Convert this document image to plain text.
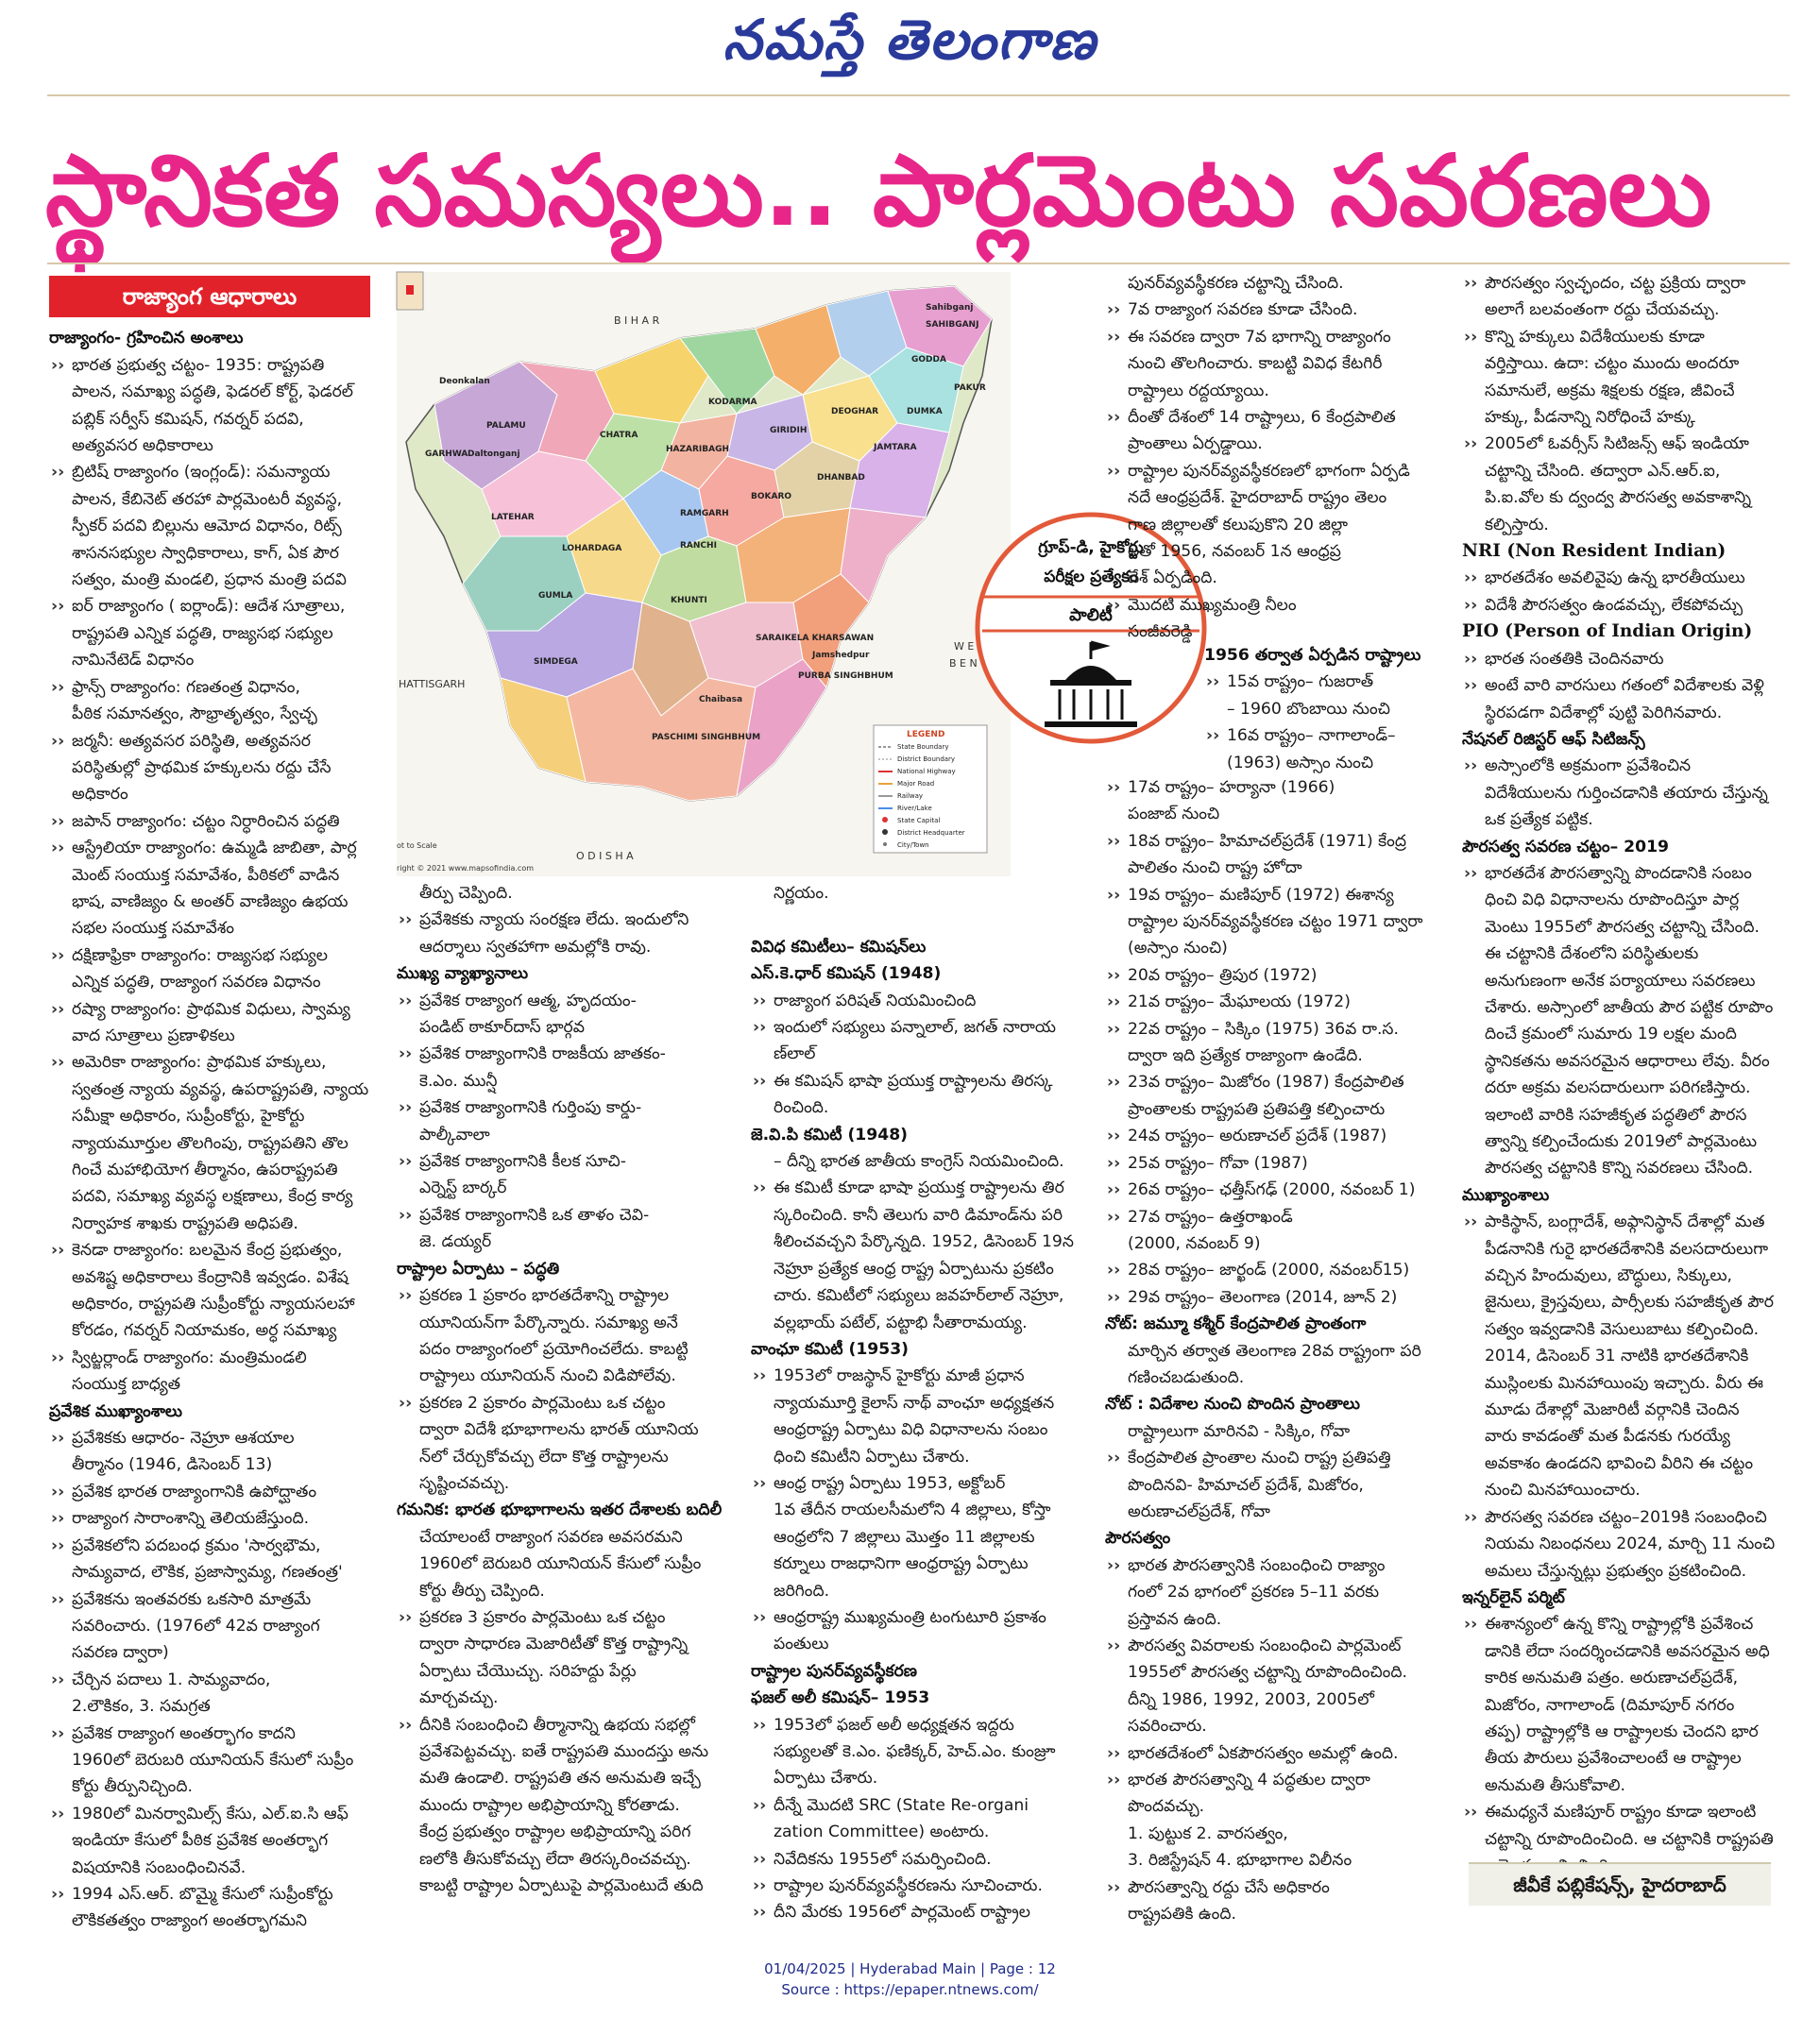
నమస్తే తెలంగాణ
స్థానికత సమస్యలు.. పార్లమెంటు సవరణలు
రాజ్యాంగ ఆధారాలు

రాజ్యాంగం- గ్రహించిన అంశాలు

›› భారత ప్రభుత్వ చట్టం- 1935: రాష్ట్రపతి

పాలన, సమాఖ్య పద్ధతి, ఫెడరల్ కోర్ట్, ఫెడరల్

పబ్లిక్ సర్వీస్ కమిషన్, గవర్నర్ పదవి,

అత్యవసర అధికారాలు

›› బ్రిటిష్ రాజ్యాంగం (ఇంగ్లండ్): సమన్యాయ

పాలన, కేబినెట్ తరహా పార్లమెంటరీ వ్యవస్థ,

స్పీకర్ పదవి బిల్లును ఆమోద విధానం, రిట్స్

శాసనసభ్యుల స్వాధికారాలు, కాగ్, ఏక పౌర

సత్వం, మంత్రి మండలి, ప్రధాన మంత్రి పదవి

›› ఐర్ రాజ్యాంగం ( ఐర్లాండ్): ఆదేశ సూత్రాలు,

రాష్ట్రపతి ఎన్నిక పద్ధతి, రాజ్యసభ సభ్యుల

నామినేటెడ్ విధానం

›› ఫ్రాన్స్ రాజ్యాంగం: గణతంత్ర విధానం,

పీఠిక సమానత్వం, సౌభ్రాతృత్వం, స్వేచ్ఛ

›› జర్మనీ: అత్యవసర పరిస్థితి, అత్యవసర

పరిస్థితుల్లో ప్రాథమిక హక్కులను రద్దు చేసే

అధికారం

›› జపాన్ రాజ్యాంగం: చట్టం నిర్ధారించిన పద్ధతి

›› ఆస్ట్రేలియా రాజ్యాంగం: ఉమ్మడి జాబితా, పార్ల

మెంట్ సంయుక్త సమావేశం, పీఠికలో వాడిన

భాష, వాణిజ్యం & అంతర్ వాణిజ్యం ఉభయ

సభల సంయుక్త సమావేశం

›› దక్షిణాఫ్రికా రాజ్యాంగం: రాజ్యసభ సభ్యుల

ఎన్నిక పద్ధతి, రాజ్యాంగ సవరణ విధానం

›› రష్యా రాజ్యాంగం: ప్రాథమిక విధులు, స్వామ్య

వాద సూత్రాలు ప్రణాళికలు

›› అమెరికా రాజ్యాంగం: ప్రాథమిక హక్కులు,

స్వతంత్ర న్యాయ వ్యవస్థ, ఉపరాష్ట్రపతి, న్యాయ

సమీక్షా అధికారం, సుప్రీంకోర్టు, హైకోర్టు

న్యాయమూర్తుల తొలగింపు, రాష్ట్రపతిని తొల

గించే మహాభియోగ తీర్మానం, ఉపరాష్ట్రపతి

పదవి, సమాఖ్య వ్యవస్థ లక్షణాలు, కేంద్ర కార్య

నిర్వాహక శాఖకు రాష్ట్రపతి అధిపతి.

›› కెనడా రాజ్యాంగం: బలమైన కేంద్ర ప్రభుత్వం,

అవశిష్ట అధికారాలు కేంద్రానికి ఇవ్వడం. విశేష

అధికారం, రాష్ట్రపతి సుప్రీంకోర్టు న్యాయసలహా

కోరడం, గవర్నర్ నియామకం, అర్ధ సమాఖ్య

›› స్విట్జర్లాండ్ రాజ్యాంగం: మంత్రిమండలి

సంయుక్త బాధ్యత

ప్రవేశిక ముఖ్యాంశాలు

›› ప్రవేశికకు ఆధారం- నెహ్రూ ఆశయాల

తీర్మానం (1946, డిసెంబర్ 13)

›› ప్రవేశిక భారత రాజ్యాంగానికి ఉపోద్ఘాతం

›› రాజ్యాంగ సారాంశాన్ని తెలియజేస్తుంది.

›› ప్రవేశికలోని పదబంధ క్రమం 'సార్వభౌమ,

సామ్యవాద, లౌకిక, ప్రజాస్వామ్య, గణతంత్ర'

›› ప్రవేశికను ఇంతవరకు ఒకసారి మాత్రమే

సవరించారు. (1976లో 42వ రాజ్యాంగ

సవరణ ద్వారా)

›› చేర్చిన పదాలు 1. సామ్యవాదం,

2.లౌకికం, 3. సమగ్రత

›› ప్రవేశిక రాజ్యాంగ అంతర్భాగం కాదని

1960లో బెరుబరి యూనియన్ కేసులో సుప్రీం

కోర్టు తీర్పునిచ్చింది.

›› 1980లో మినర్వామిల్స్ కేసు, ఎల్.ఐ.సి ఆఫ్

ఇండియా కేసులో పీఠిక ప్రవేశిక అంతర్భాగ

విషయానికి సంబంధించినవే.

›› 1994 ఎస్.ఆర్. బొమ్మై కేసులో సుప్రీంకోర్టు

లౌకికతత్వం రాజ్యాంగ అంతర్భాగమని

B I H A R
W E
B E N
HATTISGARH
O D I S H A
Sahibganj
SAHIBGANJ
GODDA
PAKUR
DUMKA
DEOGHAR
JAMTARA
KODARMA
GIRIDIH
PALAMU
GARHWA
CHATRA
HAZARIBAGH
DHANBAD
BOKARO
LATEHAR	RAMGARH
RANCHI
LOHARDAGA
GUMLA	KHUNTI
SIMDEGA
SARAIKELA KHARSAWAN
PURBA SINGHBHUM
PASCHIMI SINGHBHUM
Jamshedpur
Chaibasa
Daltonganj
Deonkalan
LEGEND
State Boundary
District Boundary
National Highway
Major Road
Railway
River/Lake
State Capital
District Headquarter
City/Town
ot to Scale
right © 2021 www.mapsofindia.com

తీర్పు చెప్పింది.

›› ప్రవేశికకు న్యాయ సంరక్షణ లేదు. ఇందులోని

ఆదర్శాలు స్వతహాగా అమల్లోకి రావు.

ముఖ్య వ్యాఖ్యానాలు

›› ప్రవేశిక రాజ్యాంగ ఆత్మ, హృదయం-

పండిట్ ఠాకూర్‌దాస్ భార్గవ

›› ప్రవేశిక రాజ్యాంగానికి రాజకీయ జాతకం-

కె.ఎం. మున్షీ

›› ప్రవేశిక రాజ్యాంగానికి గుర్తింపు కార్డు-

పాల్కీవాలా

›› ప్రవేశిక రాజ్యాంగానికి కీలక సూచి-

ఎర్నెస్ట్ బార్కర్

›› ప్రవేశిక రాజ్యాంగానికి ఒక తాళం చెవి-

జె. డయ్యర్

రాష్ట్రాల ఏర్పాటు – పద్ధతి

›› ప్రకరణ 1 ప్రకారం భారతదేశాన్ని రాష్ట్రాల

యూనియన్‌గా పేర్కొన్నారు. సమాఖ్య అనే

పదం రాజ్యాంగంలో ప్రయోగించలేదు. కాబట్టి

రాష్ట్రాలు యూనియన్ నుంచి విడిపోలేవు.

›› ప్రకరణ 2 ప్రకారం పార్లమెంటు ఒక చట్టం

ద్వారా విదేశీ భూభాగాలను భారత్ యూనియ

న్‌లో చేర్చుకోవచ్చు లేదా కొత్త రాష్ట్రాలను

సృష్టించవచ్చు.

గమనిక: భారత భూభాగాలను ఇతర దేశాలకు బదిలీ

చేయాలంటే రాజ్యాంగ సవరణ అవసరమని

1960లో బెరుబరి యూనియన్ కేసులో సుప్రీం

కోర్టు తీర్పు చెప్పింది.

›› ప్రకరణ 3 ప్రకారం పార్లమెంటు ఒక చట్టం

ద్వారా సాధారణ మెజారిటీతో కొత్త రాష్ట్రాన్ని

ఏర్పాటు చేయొచ్చు. సరిహద్దు పేర్లు

మార్చవచ్చు.

›› దీనికి సంబంధించి తీర్మానాన్ని ఉభయ సభల్లో

ప్రవేశపెట్టవచ్చు. ఐతే రాష్ట్రపతి ముందస్తు అను

మతి ఉండాలి. రాష్ట్రపతి తన అనుమతి ఇచ్చే

ముందు రాష్ట్రాల అభిప్రాయాన్ని కోరతాడు.

కేంద్ర ప్రభుత్వం రాష్ట్రాల అభిప్రాయాన్ని పరిగ

ణలోకి తీసుకోవచ్చు లేదా తిరస్కరించవచ్చు.

కాబట్టి రాష్ట్రాల ఏర్పాటుపై పార్లమెంటుదే తుది

నిర్ణయం.

వివిధ కమిటీలు– కమిషన్‌లు

ఎస్.కె.ధార్ కమిషన్ (1948)

›› రాజ్యాంగ పరిషత్ నియమించింది

›› ఇందులో సభ్యులు పన్నాలాల్, జగత్ నారాయ

ణ్‌లాల్

›› ఈ కమిషన్ భాషా ప్రయుక్త రాష్ట్రాలను తిరస్క

రించింది.

జె.వి.పి కమిటీ (1948)

– దీన్ని భారత జాతీయ కాంగ్రెస్ నియమించింది.

›› ఈ కమిటీ కూడా భాషా ప్రయుక్త రాష్ట్రాలను తిర

స్కరించింది. కానీ తెలుగు వారి డిమాండ్‌ను పరి

శీలించవచ్చని పేర్కొన్నది. 1952, డిసెంబర్ 19న

నెహ్రూ ప్రత్యేక ఆంధ్ర రాష్ట్ర ఏర్పాటును ప్రకటిం

చారు. కమిటీలో సభ్యులు జవహర్‌లాల్ నెహ్రూ,

వల్లభాయ్ పటేల్, పట్టాభి సీతారామయ్య.

వాంఛూ కమిటీ (1953)

›› 1953లో రాజస్థాన్ హైకోర్టు మాజీ ప్రధాన

న్యాయమూర్తి కైలాస్ నాథ్ వాంఛూ అధ్యక్షతన

ఆంధ్రరాష్ట్ర ఏర్పాటు విధి విధానాలను సంబం

ధించి కమిటీని ఏర్పాటు చేశారు.

›› ఆంధ్ర రాష్ట్ర ఏర్పాటు 1953, అక్టోబర్

1వ తేదీన రాయలసీమలోని 4 జిల్లాలు, కోస్తా

ఆంధ్రలోని 7 జిల్లాలు మొత్తం 11 జిల్లాలకు

కర్నూలు రాజధానిగా ఆంధ్రరాష్ట్ర ఏర్పాటు

జరిగింది.

›› ఆంధ్రరాష్ట్ర ముఖ్యమంత్రి టంగుటూరి ప్రకాశం

పంతులు

రాష్ట్రాల పునర్‌వ్యవస్థీకరణ

ఫజల్ అలీ కమిషన్– 1953

›› 1953లో ఫజల్ అలీ అధ్యక్షతన ఇద్దరు

సభ్యులతో కె.ఎం. ఫణిక్కర్, హెచ్.ఎం. కుంజ్రూ

ఏర్పాటు చేశారు.

›› దీన్నే మొదటి SRC (State Re-organi

zation Committee) అంటారు.

›› నివేదికను 1955లో సమర్పించింది.

›› రాష్ట్రాల పునర్‌వ్యవస్థీకరణను సూచించారు.

›› దీని మేరకు 1956లో పార్లమెంట్ రాష్ట్రాల

గ్రూప్-డి, హైకోర్టు
పరీక్షల ప్రత్యేకం
పాలిటీ

పునర్‌వ్యవస్థీకరణ చట్టాన్ని చేసింది.

›› 7వ రాజ్యాంగ సవరణ కూడా చేసింది.

›› ఈ సవరణ ద్వారా 7వ భాగాన్ని రాజ్యాంగం

నుంచి తొలగించారు. కాబట్టి వివిధ కేటగిరీ

రాష్ట్రాలు రద్దయ్యాయి.

›› దీంతో దేశంలో 14 రాష్ట్రాలు, 6 కేంద్రపాలిత

ప్రాంతాలు ఏర్పడ్డాయి.

›› రాష్ట్రాల పునర్‌వ్యవస్థీకరణలో భాగంగా ఏర్పడి

నదే ఆంధ్రప్రదేశ్. హైదరాబాద్ రాష్ట్రం తెలం

గాణ జిల్లాలతో కలుపుకొని 20 జిల్లా

లతో 1956, నవంబర్ 1న ఆంధ్రప్ర

దేశ్ ఏర్పడింది.

›› మొదటి ముఖ్యమంత్రి నీలం

సంజీవరెడ్డి

1956 తర్వాత ఏర్పడిన రాష్ట్రాలు

›› 15వ రాష్ట్రం– గుజరాత్

– 1960 బొంబాయి నుంచి

›› 16వ రాష్ట్రం– నాగాలాండ్–

(1963) అస్సాం నుంచి

›› 17వ రాష్ట్రం– హర్యానా (1966)

పంజాబ్ నుంచి

›› 18వ రాష్ట్రం– హిమాచల్‌ప్రదేశ్ (1971) కేంద్ర

పాలితం నుంచి రాష్ట్ర హోదా

›› 19వ రాష్ట్రం– మణిపూర్ (1972) ఈశాన్య

రాష్ట్రాల పునర్‌వ్యవస్థీకరణ చట్టం 1971 ద్వారా

(అస్సాం నుంచి)

›› 20వ రాష్ట్రం– త్రిపుర (1972)

›› 21వ రాష్ట్రం– మేఘాలయ (1972)

›› 22వ రాష్ట్రం – సిక్కిం (1975) 36వ రా.స.

ద్వారా ఇది ప్రత్యేక రాజ్యాంగా ఉండేది.

›› 23వ రాష్ట్రం– మిజోరం (1987) కేంద్రపాలిత

ప్రాంతాలకు రాష్ట్రపతి ప్రతిపత్తి కల్పించారు

›› 24వ రాష్ట్రం– అరుణాచల్ ప్రదేశ్ (1987)

›› 25వ రాష్ట్రం– గోవా (1987)

›› 26వ రాష్ట్రం– ఛత్తీస్‌గఢ్ (2000, నవంబర్ 1)

›› 27వ రాష్ట్రం– ఉత్తరాఖండ్

(2000, నవంబర్ 9)

›› 28వ రాష్ట్రం– జార్ఖండ్ (2000, నవంబర్15)

›› 29వ రాష్ట్రం– తెలంగాణ (2014, జూన్ 2)

నోట్: జమ్మూ కశ్మీర్ కేంద్రపాలిత ప్రాంతంగా

మార్చిన తర్వాత తెలంగాణ 28వ రాష్ట్రంగా పరి

గణించబడుతుంది.

నోట్ : విదేశాల నుంచి పొందిన ప్రాంతాలు

రాష్ట్రాలుగా మారినవి - సిక్కిం, గోవా

›› కేంద్రపాలిత ప్రాంతాల నుంచి రాష్ట్ర ప్రతిపత్తి

పొందినవి- హిమాచల్ ప్రదేశ్, మిజోరం,

అరుణాచల్‌ప్రదేశ్, గోవా

పౌరసత్వం

›› భారత పౌరసత్వానికి సంబంధించి రాజ్యాం

గంలో 2వ భాగంలో ప్రకరణ 5–11 వరకు

ప్రస్తావన ఉంది.

›› పౌరసత్వ వివరాలకు సంబంధించి పార్లమెంట్

1955లో పౌరసత్వ చట్టాన్ని రూపొందించింది.

దీన్ని 1986, 1992, 2003, 2005లో

సవరించారు.

›› భారతదేశంలో ఏకపౌరసత్వం అమల్లో ఉంది.

›› భారత పౌరసత్వాన్ని 4 పద్ధతుల ద్వారా

పొందవచ్చు.

1. పుట్టుక 2. వారసత్వం,

3. రిజిస్ట్రేషన్ 4. భూభాగాల విలీనం

›› పౌరసత్వాన్ని రద్దు చేసే అధికారం

రాష్ట్రపతికి ఉంది.

›› పౌరసత్వం స్వచ్ఛందం, చట్ట ప్రక్రియ ద్వారా

అలాగే బలవంతంగా రద్దు చేయవచ్చు.

›› కొన్ని హక్కులు విదేశీయులకు కూడా

వర్తిస్తాయి. ఉదా: చట్టం ముందు అందరూ

సమానులే, అక్రమ శిక్షలకు రక్షణ, జీవించే

హక్కు, పీడనాన్ని నిరోధించే హక్కు

›› 2005లో ఓవర్సీస్ సిటిజన్స్ ఆఫ్ ఇండియా

చట్టాన్ని చేసింది. తద్వారా ఎన్.ఆర్.ఐ,

పి.ఐ.వోల కు ద్వంద్వ పౌరసత్వ అవకాశాన్ని

కల్పిస్తారు.

NRI (Non Resident Indian)

›› భారతదేశం అవలివైపు ఉన్న భారతీయులు

›› విదేశీ పౌరసత్వం ఉండవచ్చు, లేకపోవచ్చు

PIO (Person of Indian Origin)

›› భారత సంతతికి చెందినవారు

›› అంటే వారి వారసులు గతంలో విదేశాలకు వెళ్లి

స్థిరపడగా విదేశాల్లో పుట్టి పెరిగినవారు.

నేషనల్ రిజిస్టర్ ఆఫ్ సిటిజన్స్

›› అస్సాంలోకి అక్రమంగా ప్రవేశించిన

విదేశీయులను గుర్తించడానికి తయారు చేస్తున్న

ఒక ప్రత్యేక పట్టిక.

పౌరసత్వ సవరణ చట్టం– 2019

›› భారతదేశ పౌరసత్వాన్ని పొందడానికి సంబం

ధించి విధి విధానాలను రూపొందిస్తూ పార్ల

మెంటు 1955లో పౌరసత్వ చట్టాన్ని చేసింది.

ఈ చట్టానికి దేశంలోని పరిస్థితులకు

అనుగుణంగా అనేక పర్యాయాలు సవరణలు

చేశారు. అస్సాంలో జాతీయ పౌర పట్టిక రూపొం

దించే క్రమంలో సుమారు 19 లక్షల మంది

స్థానికతను అవసరమైన ఆధారాలు లేవు. వీరం

దరూ అక్రమ వలసదారులుగా పరిగణిస్తారు.

ఇలాంటి వారికి సహజీకృత పద్ధతిలో పౌరస

త్వాన్ని కల్పించేందుకు 2019లో పార్లమెంటు

పౌరసత్వ చట్టానికి కొన్ని సవరణలు చేసింది.

ముఖ్యాంశాలు

›› పాకిస్థాన్, బంగ్లాదేశ్, అఫ్గానిస్థాన్ దేశాల్లో మత

పీడనానికి గురై భారతదేశానికి వలసదారులుగా

వచ్చిన హిందువులు, బౌద్ధులు, సిక్కులు,

జైనులు, క్రైస్తవులు, పార్సీలకు సహజీకృత పౌర

సత్వం ఇవ్వడానికి వెసులుబాటు కల్పించింది.

2014, డిసెంబర్ 31 నాటికి భారతదేశానికి

ముస్లింలకు మినహాయింపు ఇచ్చారు. వీరు ఈ

మూడు దేశాల్లో మెజారిటీ వర్గానికి చెందిన

వారు కావడంతో మత పీడనకు గురయ్యే

అవకాశం ఉండదని భావించి వీరిని ఈ చట్టం

నుంచి మినహాయించారు.

›› పౌరసత్వ సవరణ చట్టం–2019కి సంబంధించి

నియమ నిబంధనలు 2024, మార్చి 11 నుంచి

అమలు చేస్తున్నట్లు ప్రభుత్వం ప్రకటించింది.

ఇన్నర్‌లైన్ పర్మిట్

›› ఈశాన్యంలో ఉన్న కొన్ని రాష్ట్రాల్లోకి ప్రవేశించ

డానికి లేదా సందర్శించడానికి అవసరమైన అధి

కారిక అనుమతి పత్రం. అరుణాచల్‌ప్రదేశ్,

మిజోరం, నాగాలాండ్ (దిమాపూర్ నగరం

తప్ప) రాష్ట్రాల్లోకి ఆ రాష్ట్రాలకు చెందని భార

తీయ పౌరులు ప్రవేశించాలంటే ఆ రాష్ట్రాల

అనుమతి తీసుకోవాలి.

›› ఈమధ్యనే మణిపూర్ రాష్ట్రం కూడా ఇలాంటి

చట్టాన్ని రూపొందించింది. ఆ చట్టానికి రాష్ట్రపతి

జీవీకే పబ్లికేషన్స్, హైదరాబాద్
01/04/2025 | Hyderabad Main | Page : 12
Source : https://epaper.ntnews.com/
